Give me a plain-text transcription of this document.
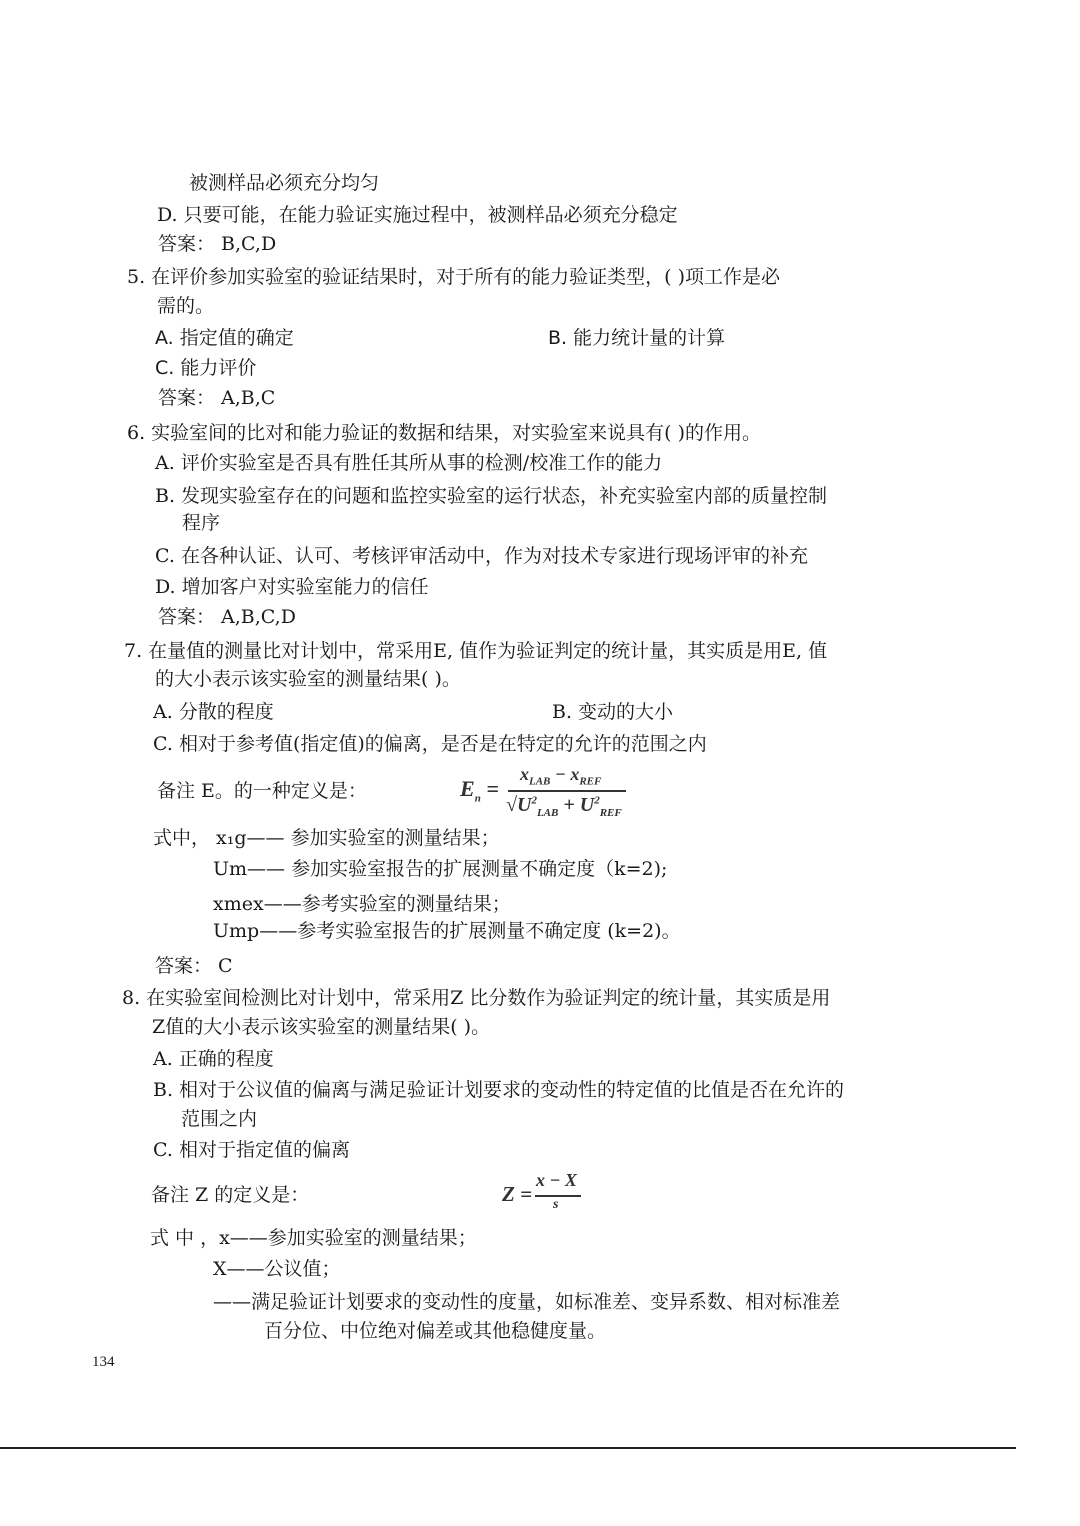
被测样品必须充分均匀
D. 只要可能，在能力验证实施过程中，被测样品必须充分稳定
答案： B,C,D
5. 在评价参加实验室的验证结果时，对于所有的能力验证类型，( )项工作是必
需的。
A. 指定值的确定	B. 能力统计量的计算
C. 能力评价
答案： A,B,C
6. 实验室间的比对和能力验证的数据和结果，对实验室来说具有( )的作用。
A. 评价实验室是否具有胜任其所从事的检测/校准工作的能力
B. 发现实验室存在的问题和监控实验室的运行状态，补充实验室内部的质量控制
程序
C. 在各种认证、认可、考核评审活动中，作为对技术专家进行现场评审的补充
D. 增加客户对实验室能力的信任
答案： A,B,C,D
7. 在量值的测量比对计划中，常采用E, 值作为验证判定的统计量，其实质是用E, 值
的大小表示该实验室的测量结果( )。
A. 分散的程度	B. 变动的大小
C. 相对于参考值(指定值)的偏离，是否是在特定的允许的范围之内
备注 E。的一种定义是：	$E_n$ =
$x_{LAB} - x_{REF}$
$√U^2_{LAB} + U^2_{REF}$
式中， x₁g—— 参加实验室的测量结果；
Um—— 参加实验室报告的扩展测量不确定度（k=2);
xmex——参考实验室的测量结果；
Ump——参考实验室报告的扩展测量不确定度 (k=2)。
答案： C
8. 在实验室间检测比对计划中，常采用Z 比分数作为验证判定的统计量，其实质是用
Z值的大小表示该实验室的测量结果( )。
A. 正确的程度
B. 相对于公议值的偏离与满足验证计划要求的变动性的特定值的比值是否在允许的
范围之内
C. 相对于指定值的偏离
备注 Z 的定义是：	Z =
x − X
s
式 中 ，x——参加实验室的测量结果；
X——公议值；
——满足验证计划要求的变动性的度量，如标准差、变异系数、相对标准差
百分位、中位绝对偏差或其他稳健度量。
134
